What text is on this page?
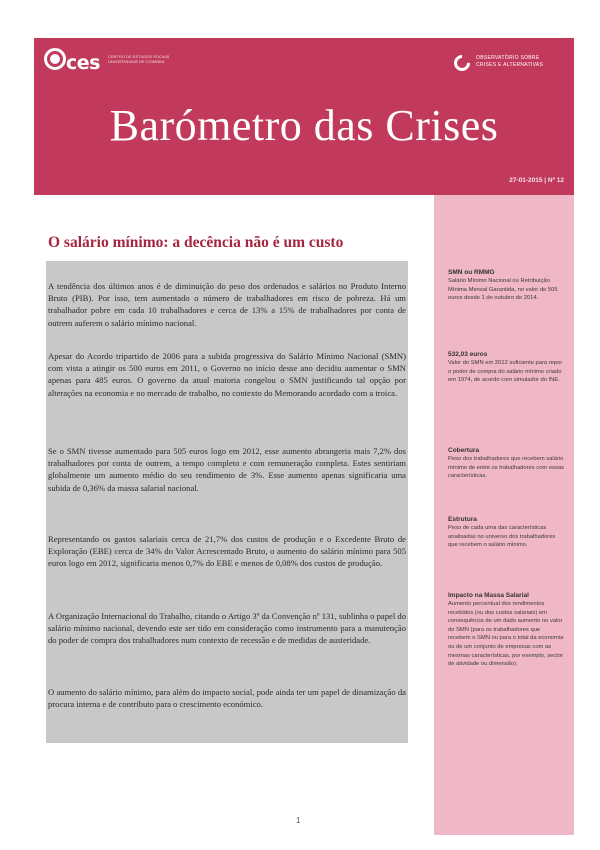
ces CENTRO DE ESTUDOS SOCIAIS UNIVERSIDADE DE COIMBRA
OBSERVATÓRIO SOBRE
CRISES E ALTERNATIVAS
Barómetro das Crises
27-01-2015 | Nº 12
SMN ou RMMG
Salário Mínimo Nacional ou Retribuição Mínima Mensal Garantida, no valor de 505 euros desde 1 de outubro de 2014.
532,03 euros
Valor do SMN em 2012 suficiente para repor o poder de compra do salário mínimo criado em 1974, de acordo com simulador do INE.
Cobertura
Peso dos trabalhadores que recebem salário mínimo de entre os trabalhadores com essas características.
Estrutura
Peso de cada uma das características analisadas no universo dos trabalhadores que recebem o salário mínimo.
Impacto na Massa Salarial
Aumento percentual dos rendimentos recebidos (ou dos custos salariais) em consequência de um dado aumento no valor do SMN (para os trabalhadores que recebem o SMN ou para o total da economia ou de um conjunto de empresas com as mesmas características, por exemplo, sector de atividade ou dimensão).
O salário mínimo: a decência não é um custo
A tendência dos últimos anos é de diminuição do peso dos ordenados e salários no Produto Interno Bruto (PIB). Por isso, tem aumentado o número de trabalhadores em risco de pobreza. Há um trabalhador pobre em cada 10 trabalhadores e cerca de 13% a 15% de trabalhadores por conta de outrem auferem o salário mínimo nacional.
Apesar do Acordo tripartido de 2006 para a subida progressiva do Salário Mínimo Nacional (SMN) com vista a atingir os 500 euros em 2011, o Governo no início desse ano decidiu aumentar o SMN apenas para 485 euros. O governo da atual maioria congelou o SMN justificando tal opção por alterações na economia e no mercado de trabalho, no contexto do Memorando acordado com a troica.
Se o SMN tivesse aumentado para 505 euros logo em 2012, esse aumento abrangeria mais 7,2% dos trabalhadores por conta de outrem, a tempo completo e com remuneração completa. Estes sentiriam globalmente um aumento médio do seu rendimento de 3%. Esse aumento apenas significaria uma subida de 0,36% da massa salarial nacional.
Representando os gastos salariais cerca de 21,7% dos custos de produção e o Excedente Bruto de Exploração (EBE) cerca de 34% do Valor Acrescentado Bruto, o aumento do salário mínimo para 505 euros logo em 2012, significaria menos 0,7% do EBE e menos de 0,08% dos custos de produção.
A Organização Internacional do Trabalho, citando o Artigo 3º da Convenção nº 131, sublinha o papel do salário mínimo nacional, devendo este ser tido em consideração como instrumento para a manutenção do poder de compra dos trabalhadores num contexto de recessão e de medidas de austeridade.
O aumento do salário mínimo, para além do impacto social, pode ainda ter um papel de dinamização da procura interna e de contributo para o crescimento económico.
1
